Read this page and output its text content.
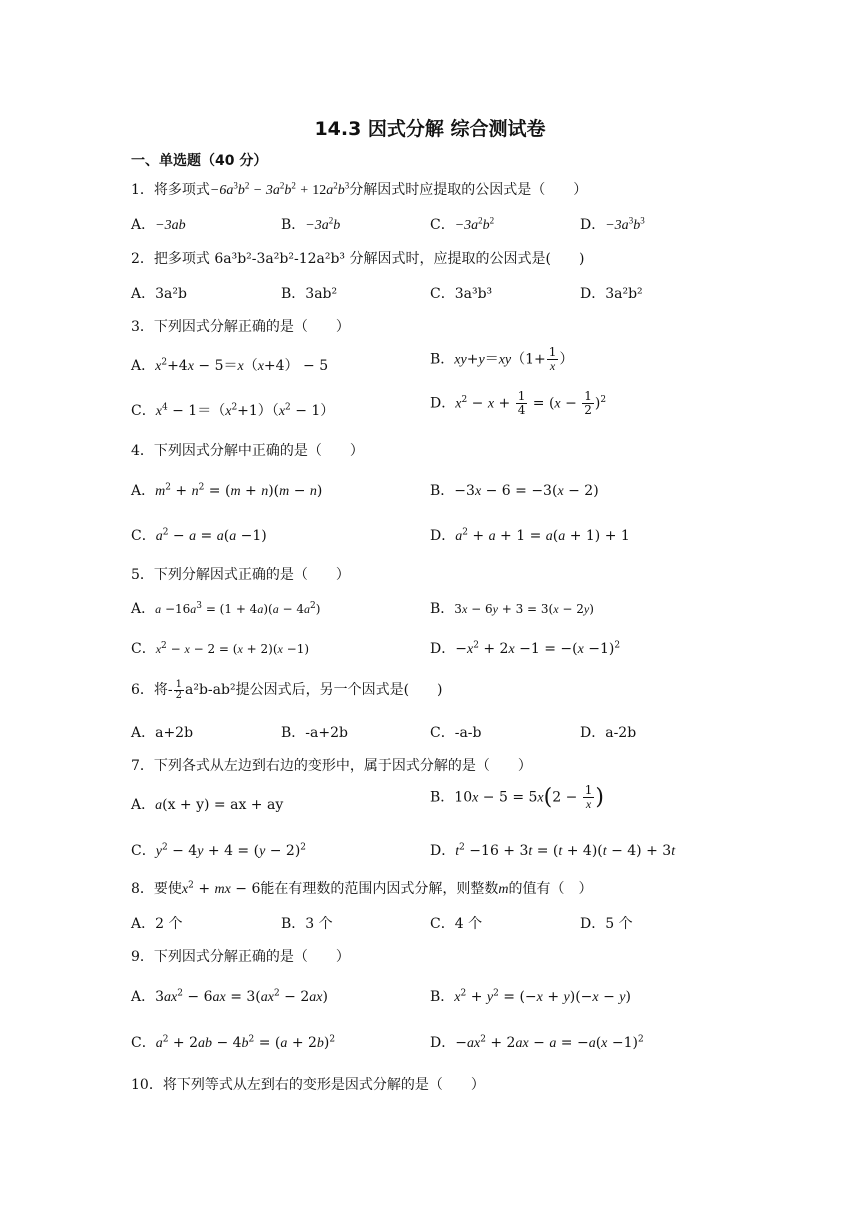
14.3 因式分解 综合测试卷
一、单选题（40 分）
1．将多项式$-6a^3b^2 - 3a^2b^2 + 12a^2b^3$分解因式时应提取的公因式是（　　）
A．−3ab	B．$-3a^2b$	C．$-3a^2b^2$	D．$-3a^3b^3$
2．把多项式 6a³b²-3a²b²-12a²b³ 分解因式时，应提取的公因式是(　　)
A．3a²b	B．3ab²	C．3a³b³	D．3a²b²
3．下列因式分解正确的是（　　）
A．$x^2+4x - 5=x(x+4) - 5$	B．$xy+y=xy(1+ \frac{1}{x}$ ）
C．$x^4 - 1=(x^2+1)(x^2 - 1)$	D．$x^2 - x + \frac{1}{4} = (x - \frac{1}{2} )^2$
4．下列因式分解中正确的是（　　）
A．$m^2 + n^2 = (m + n)(m - n)$	B．−3x − 6 = −3(x − 2)
C．$a^2 - a = a(a -1)$	D．$a^2 + a + 1 = a(a + 1) + 1$
5．下列分解因式正确的是（　　）
A．$a -16a^3 = (1 + 4a)(a - 4a^2)$	B．3x − 6y + 3 = 3(x − 2y)
C．$x^2 - x - 2 = (x + 2)(x -1)$	D．$-x^2 + 2x -1 = -(x -1)^2$
6．将- $\frac{1}{2} a^2b-ab^2$提公因式后，另一个因式是(　　)
A．a+2b	B．-a+2b	C．-a-b	D．a-2b
7．下列各式从左边到右边的变形中，属于因式分解的是（　　）
A．a(x + y) = ax + ay	B．$10x - 5 = 5x(2 - \frac{1}{x}$ )
C．$y^2 - 4y + 4 = (y - 2)^2$	D．$t^2 -16 + 3t = (t + 4)(t - 4) + 3t$
8．要使$x^2$ + mx − 6能在有理数的范围内因式分解，则整数m的值有（　）
A．2 个	B．3 个	C．4 个	D．5 个
9．下列因式分解正确的是（　　）
A．$3ax^2 - 6ax = 3(ax^2 - 2ax)$	B．$x^2 + y^2 = (-x + y)(-x - y)$
C．$a^2 + 2ab - 4b^2 = (a + 2b)^2$	D．$-ax^2 + 2ax - a = -a(x -1)^2$
10．将下列等式从左到右的变形是因式分解的是（　　）
